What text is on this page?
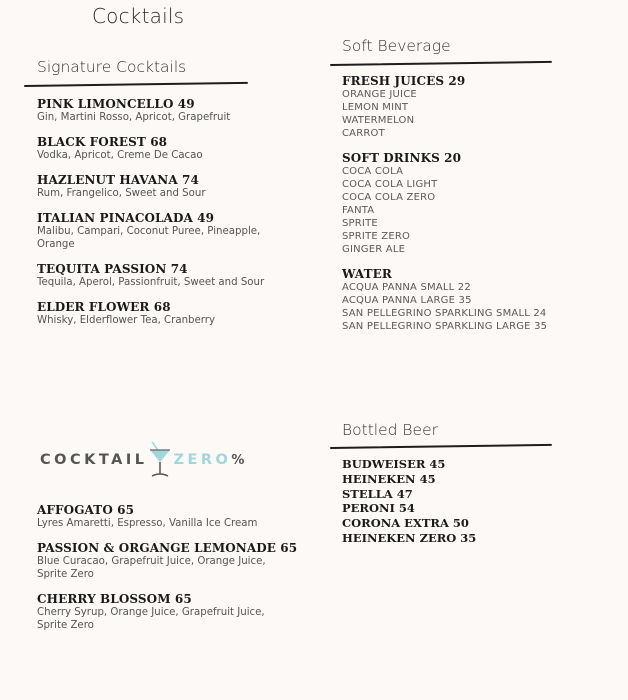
Cocktails
Signature Cocktails
PINK LIMONCELLO 49
Gin, Martini Rosso, Apricot, Grapefruit
BLACK FOREST 68
Vodka, Apricot, Creme De Cacao
HAZLENUT HAVANA 74
Rum, Frangelico, Sweet and Sour
ITALIAN PINACOLADA 49
Malibu, Campari, Coconut Puree, Pineapple, Orange
TEQUITA PASSION 74
Tequila, Aperol, Passionfruit, Sweet and Sour
ELDER FLOWER 68
Whisky, Elderflower Tea, Cranberry
COCKTAIL ZERO %
AFFOGATO 65
Lyres Amaretti, Espresso, Vanilla Ice Cream
PASSION & ORGANGE LEMONADE 65
Blue Curacao, Grapefruit Juice, Orange Juice, Sprite Zero
CHERRY BLOSSOM 65
Cherry Syrup, Orange Juice, Grapefruit Juice, Sprite Zero
Soft Beverage
FRESH JUICES 29
ORANGE JUICE
LEMON MINT
WATERMELON
CARROT
SOFT DRINKS 20
COCA COLA
COCA COLA LIGHT
COCA COLA ZERO
FANTA
SPRITE
SPRITE ZERO
GINGER ALE
WATER
ACQUA PANNA SMALL 22
ACQUA PANNA LARGE 35
SAN PELLEGRINO SPARKLING SMALL 24
SAN PELLEGRINO SPARKLING LARGE 35
Bottled Beer
BUDWEISER 45
HEINEKEN 45
STELLA 47
PERONI 54
CORONA EXTRA 50
HEINEKEN ZERO 35
